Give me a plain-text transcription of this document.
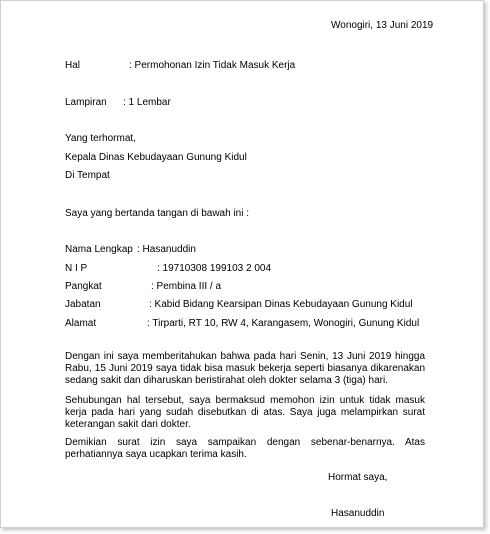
Wonogiri, 13 Juni 2019
Hal	: Permohonan Izin Tidak Masuk Kerja
Lampiran : 1 Lembar
Yang terhormat,
Kepala Dinas Kebudayaan Gunung Kidul
Di Tempat
Saya yang bertanda tangan di bawah ini :
Nama Lengkap : Hasanuddin
N I P	: 19710308 199103 2 004
Pangkat	: Pembina III / a
Jabatan	: Kabid Bidang Kearsipan Dinas Kebudayaan Gunung Kidul
Alamat	: Tirparti, RT 10, RW 4, Karangasem, Wonogiri, Gunung Kidul
Dengan ini saya memberitahukan bahwa pada hari Senin, 13 Juni 2019 hingga Rabu, 15 Juni 2019 saya tidak bisa masuk bekerja seperti biasanya dikarenakan sedang sakit dan diharuskan beristirahat oleh dokter selama 3 (tiga) hari.
Sehubungan hal tersebut, saya bermaksud memohon izin untuk tidak masuk kerja pada hari yang sudah disebutkan di atas. Saya juga melampirkan surat keterangan sakit dari dokter.
Demikian surat izin saya sampaikan dengan sebenar-benarnya. Atas perhatiannya saya ucapkan terima kasih.
Hormat saya,
Hasanuddin
